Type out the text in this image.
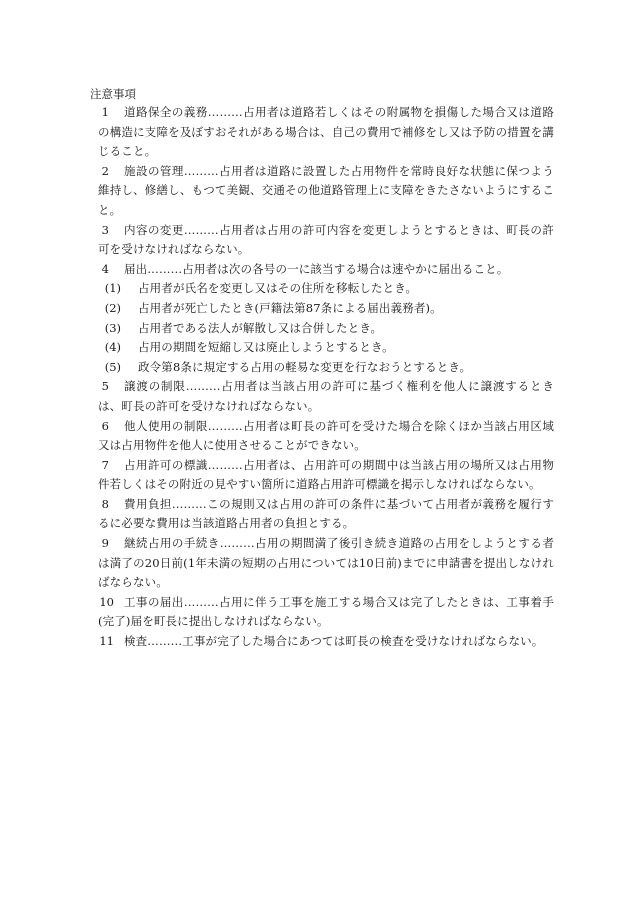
注意事項
1	道路保全の義務………占用者は道路若しくはその附属物を損傷した場合又は道路の構造に支障を及ぼすおそれがある場合は、自己の費用で補修をし又は予防の措置を講じること。
2	施設の管理………占用者は道路に設置した占用物件を常時良好な状態に保つよう維持し、修繕し、もつて美観、交通その他道路管理上に支障をきたさないようにすること。
3	内容の変更………占用者は占用の許可内容を変更しようとするときは、町長の許可を受けなければならない。
4	届出………占用者は次の各号の一に該当する場合は速やかに届出ること。
(1) 占用者が氏名を変更し又はその住所を移転したとき。
(2) 占用者が死亡したとき(戸籍法第87条による届出義務者)。
(3) 占用者である法人が解散し又は合併したとき。
(4) 占用の期間を短縮し又は廃止しようとするとき。
(5) 政令第8条に規定する占用の軽易な変更を行なおうとするとき。
5	譲渡の制限………占用者は当該占用の許可に基づく権利を他人に譲渡するときは、町長の許可を受けなければならない。
6	他人使用の制限………占用者は町長の許可を受けた場合を除くほか当該占用区域又は占用物件を他人に使用させることができない。
7	占用許可の標識………占用者は、占用許可の期間中は当該占用の場所又は占用物件若しくはその附近の見やすい箇所に道路占用許可標識を掲示しなければならない。
8	費用負担………この規則又は占用の許可の条件に基づいて占用者が義務を履行するに必要な費用は当該道路占用者の負担とする。
9	継続占用の手続き………占用の期間満了後引き続き道路の占用をしようとする者は満了の20日前(1年未満の短期の占用については10日前)までに申請書を提出しなければならない。
10 工事の届出………占用に伴う工事を施工する場合又は完了したときは、工事着手(完了)届を町長に提出しなければならない。
11 検査………工事が完了した場合にあつては町長の検査を受けなければならない。
